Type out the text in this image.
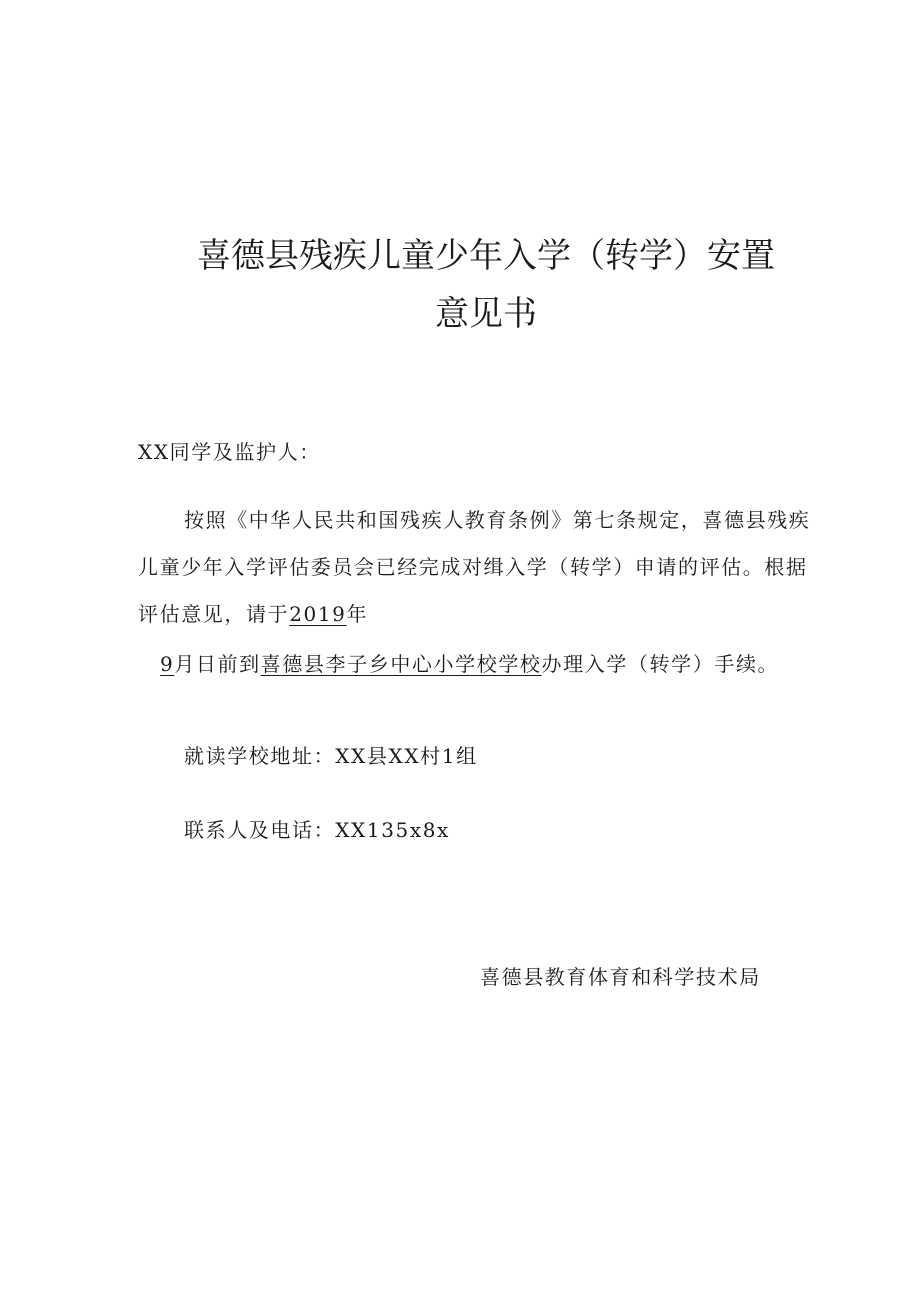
喜德县残疾儿童少年入学（转学）安置
意见书
XX同学及监护人：
按照《中华人民共和国残疾人教育条例》第七条规定，喜德县残疾
儿童少年入学评估委员会已经完成对缉入学（转学）申请的评估。根据
评估意见，请于2019年
9月日前到喜德县李子乡中心小学校学校办理入学（转学）手续。
就读学校地址：XX县XX村1组
联系人及电话：XX135x8x
喜德县教育体育和科学技术局
